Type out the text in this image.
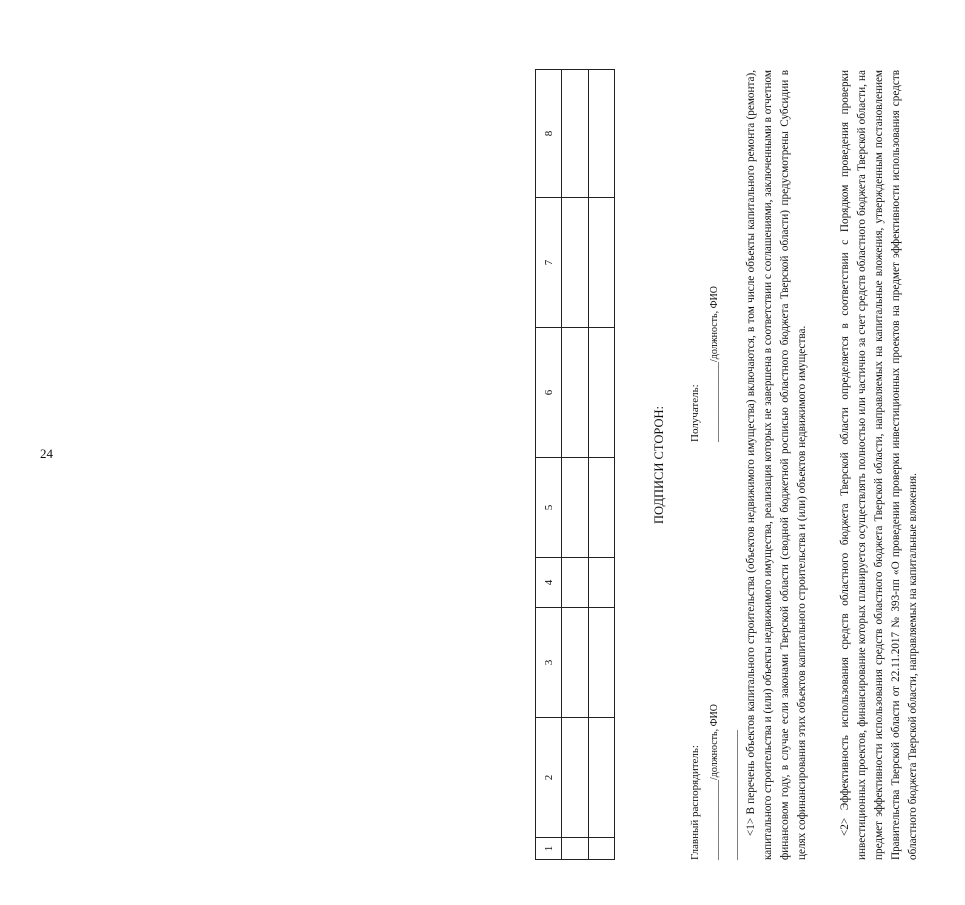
24
1	2	3	4	5	6	7	8

ПОДПИСИ СТОРОН:
Главный распорядитель: ________________/должность, ФИО __________________________
Получатель: ________________/должность, ФИО <1> В перечень объектов капитального строительства (объектов недвижимого имущества) включаются, в том числе объекты капитального ремонта (ремонта), капитального строительства и (или) объекты недвижимого имущества, реализация которых не завершена в соответствии с соглашениями, заключенными в отчетном финансовом году, в случае если законами Тверской области (сводной бюджетной росписью областного бюджета Тверской области) предусмотрены Субсидии в целях софинансирования этих объектов капитального строительства и (или) объектов недвижимого имущества.	<2> Эффективность использования средств областного бюджета Тверской области определяется в соответствии с Порядком проведения проверки инвестиционных проектов, финансирование которых планируется осуществлять полностью или частично за счет средств областного бюджета Тверской области, на предмет эффективности использования средств областного бюджета Тверской области, направляемых на капитальные вложения, утвержденным постановлением Правительства Тверской области от 22.11.2017 № 393-пп «О проведении проверки инвестиционных проектов на предмет эффективности использования средств областного бюджета Тверской области, направляемых на капитальные вложения.
